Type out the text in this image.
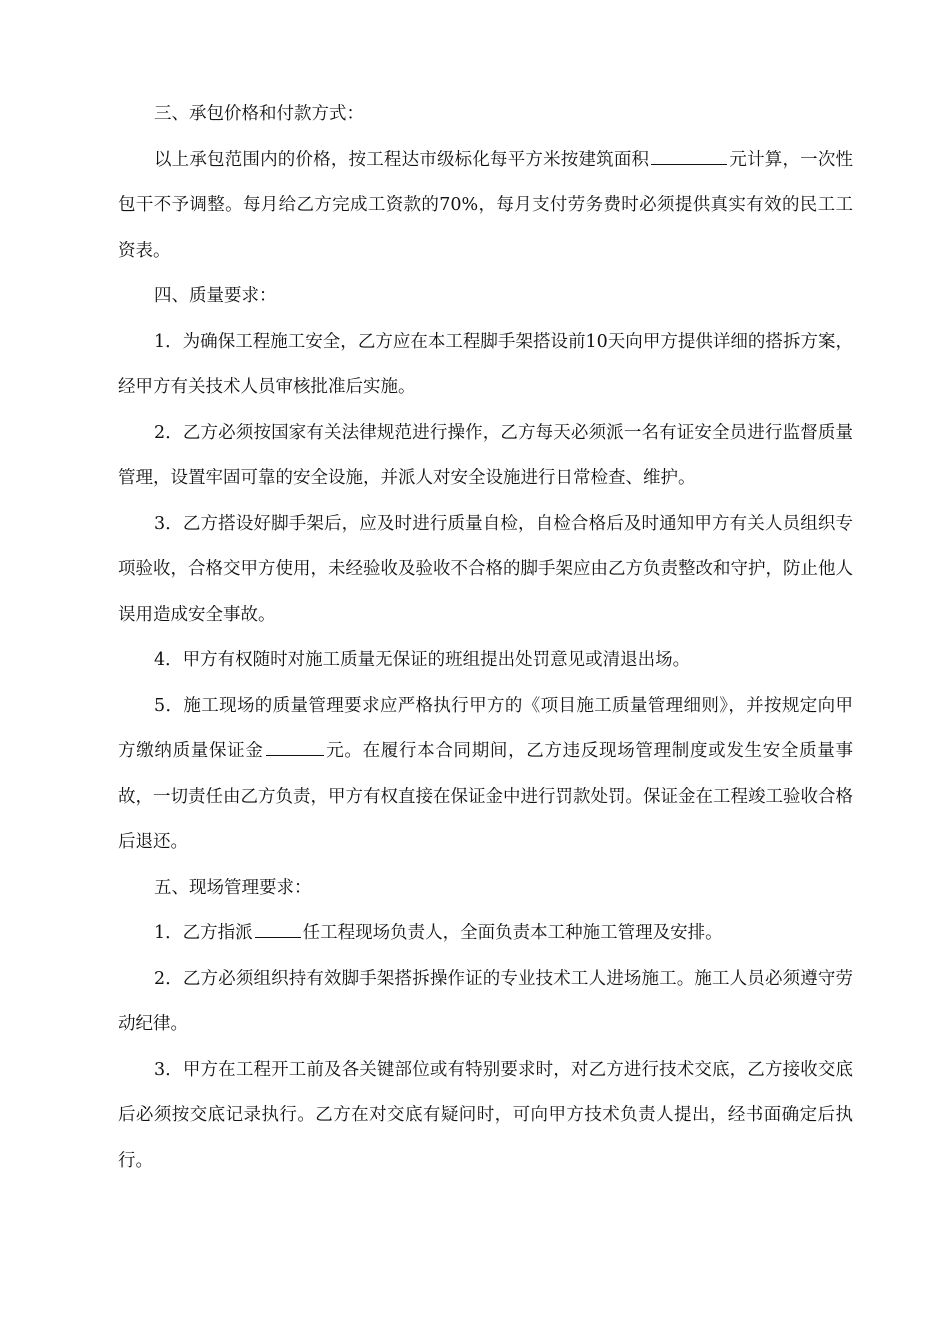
三、承包价格和付款方式：

以上承包范围内的价格，按工程达市级标化每平方米按建筑面积	元计算，一次性包干不予调整。每月给乙方完成工资款的70%，每月支付劳务费时必须提供真实有效的民工工资表。

四、质量要求：

1．为确保工程施工安全，乙方应在本工程脚手架搭设前10天向甲方提供详细的搭拆方案，经甲方有关技术人员审核批准后实施。

2．乙方必须按国家有关法律规范进行操作，乙方每天必须派一名有证安全员进行监督质量管理，设置牢固可靠的安全设施，并派人对安全设施进行日常检查、维护。

3．乙方搭设好脚手架后，应及时进行质量自检，自检合格后及时通知甲方有关人员组织专项验收，合格交甲方使用，未经验收及验收不合格的脚手架应由乙方负责整改和守护，防止他人误用造成安全事故。

4．甲方有权随时对施工质量无保证的班组提出处罚意见或清退出场。

5．施工现场的质量管理要求应严格执行甲方的《项目施工质量管理细则》，并按规定向甲方缴纳质量保证金	元。在履行本合同期间，乙方违反现场管理制度或发生安全质量事故，一切责任由乙方负责，甲方有权直接在保证金中进行罚款处罚。保证金在工程竣工验收合格后退还。

五、现场管理要求：

1．乙方指派	任工程现场负责人，全面负责本工种施工管理及安排。

2．乙方必须组织持有效脚手架搭拆操作证的专业技术工人进场施工。施工人员必须遵守劳动纪律。

3．甲方在工程开工前及各关键部位或有特别要求时，对乙方进行技术交底，乙方接收交底后必须按交底记录执行。乙方在对交底有疑问时，可向甲方技术负责人提出，经书面确定后执行。
